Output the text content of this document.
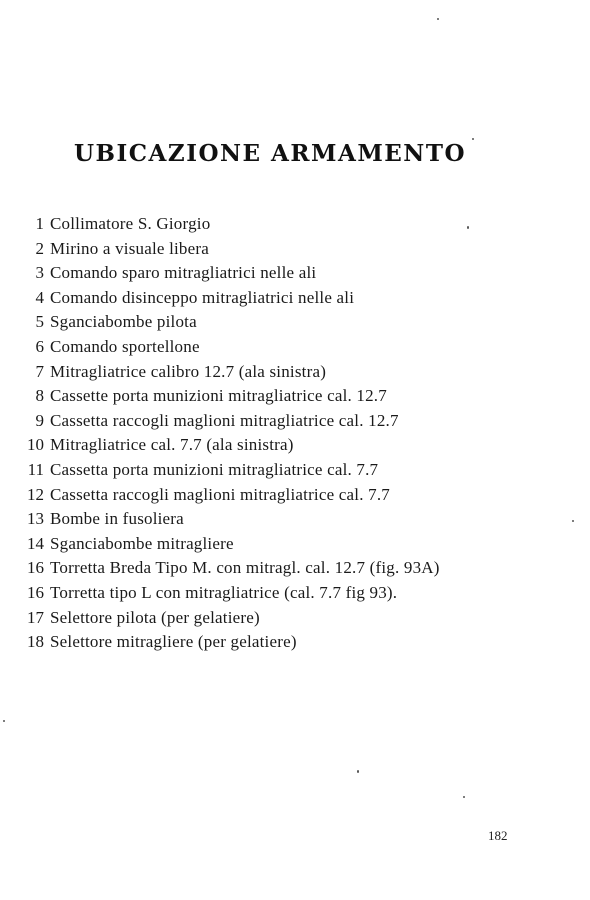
UBICAZIONE ARMAMENTO
1 Collimatore S. Giorgio
2 Mirino a visuale libera
3 Comando sparo mitragliatrici nelle ali
4 Comando disinceppo mitragliatrici nelle ali
5 Sganciabombe pilota
6 Comando sportellone
7 Mitragliatrice calibro 12.7 (ala sinistra)
8 Cassette porta munizioni mitragliatrice cal. 12.7
9 Cassetta raccogli maglioni mitragliatrice cal. 12.7
10 Mitragliatrice cal. 7.7 (ala sinistra)
11 Cassetta porta munizioni mitragliatrice cal. 7.7
12 Cassetta raccogli maglioni mitragliatrice cal. 7.7
13 Bombe in fusoliera
14 Sganciabombe mitragliere
16 Torretta Breda Tipo M. con mitragl. cal. 12.7 (fig. 93A)
16 Torretta tipo L con mitragliatrice (cal. 7.7 fig 93).
17 Selettore pilota (per gelatiere)
18 Selettore mitragliere (per gelatiere)
182
